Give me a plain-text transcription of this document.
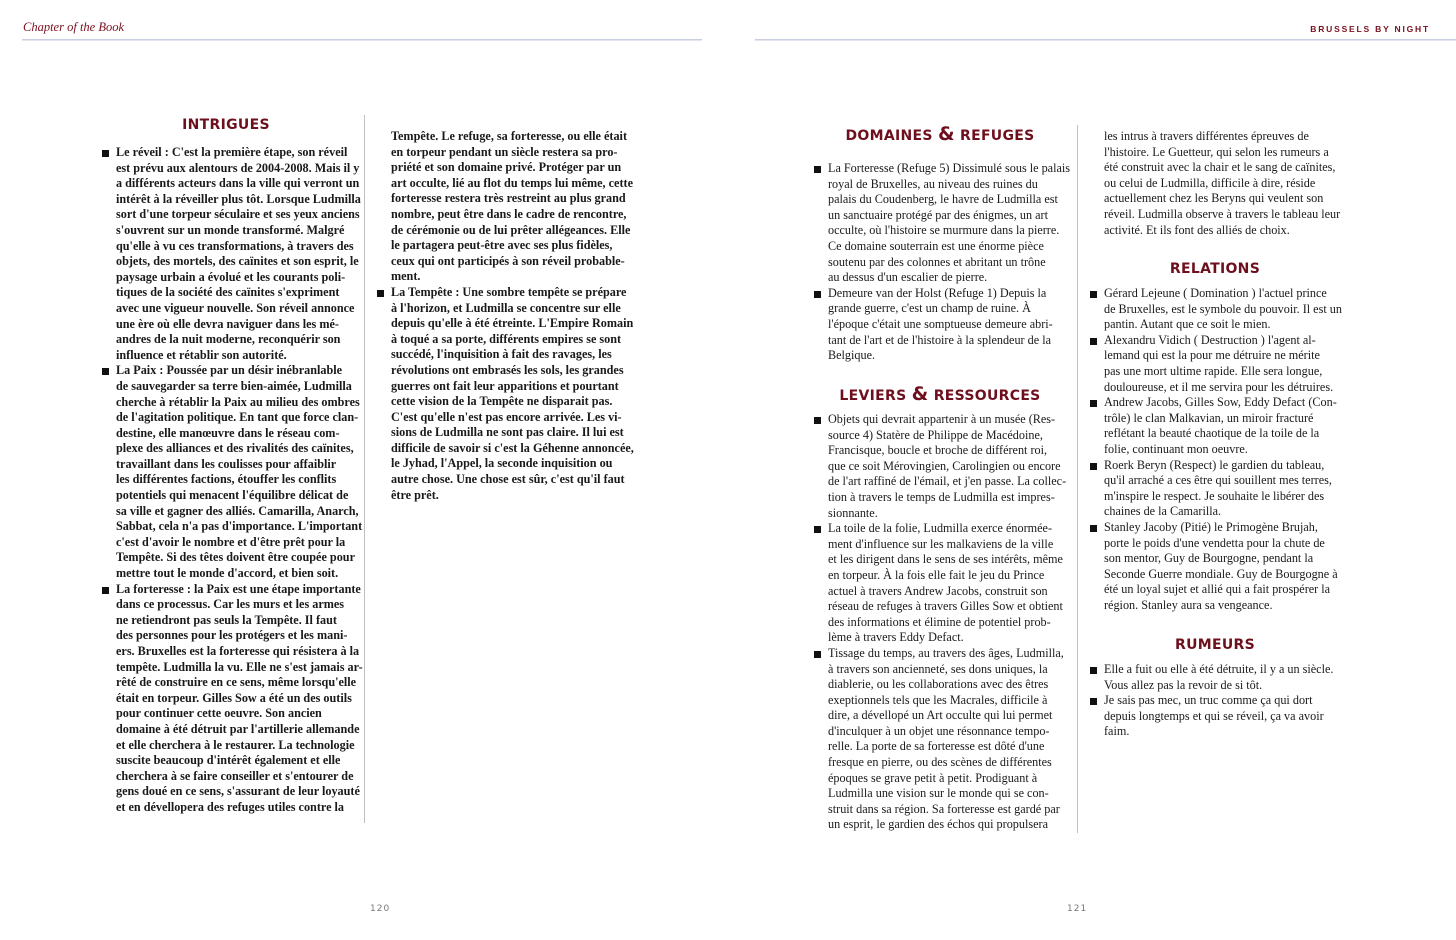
Chapter of the Book	BRUSSELS BY NIGHT
INTRIGUES
Le réveil : C'est la première étape, son réveil
est prévu aux alentours de 2004-2008. Mais il y
a différents acteurs dans la ville qui verront un
intérêt à la réveiller plus tôt. Lorsque Ludmilla
sort d'une torpeur séculaire et ses yeux anciens
s'ouvrent sur un monde transformé. Malgré
qu'elle à vu ces transformations, à travers des
objets, des mortels, des caïnites et son esprit, le
paysage urbain a évolué et les courants poli-
tiques de la société des caïnites s'expriment
avec une vigueur nouvelle. Son réveil annonce
une ère où elle devra naviguer dans les mé-
andres de la nuit moderne, reconquérir son
influence et rétablir son autorité.
La Paix : Poussée par un désir inébranlable
de sauvegarder sa terre bien-aimée, Ludmilla
cherche à rétablir la Paix au milieu des ombres
de l'agitation politique. En tant que force clan-
destine, elle manœuvre dans le réseau com-
plexe des alliances et des rivalités des caïnites,
travaillant dans les coulisses pour affaiblir
les différentes factions, étouffer les conflits
potentiels qui menacent l'équilibre délicat de
sa ville et gagner des alliés. Camarilla, Anarch,
Sabbat, cela n'a pas d'importance. L'important
c'est d'avoir le nombre et d'être prêt pour la
Tempête. Si des têtes doivent être coupée pour
mettre tout le monde d'accord, et bien soit.
La forteresse : la Paix est une étape importante
dans ce processus. Car les murs et les armes
ne retiendront pas seuls la Tempête. Il faut
des personnes pour les protégers et les mani-
ers. Bruxelles est la forteresse qui résistera à la
tempête. Ludmilla la vu. Elle ne s'est jamais ar-
rêté de construire en ce sens, même lorsqu'elle
était en torpeur. Gilles Sow a été un des outils
pour continuer cette oeuvre. Son ancien
domaine à été détruit par l'artillerie allemande
et elle cherchera à le restaurer. La technologie
suscite beaucoup d'intérêt également et elle
cherchera à se faire conseiller et s'entourer de
gens doué en ce sens, s'assurant de leur loyauté
et en dévellopera des refuges utiles contre la
Tempête. Le refuge, sa forteresse, ou elle était
en torpeur pendant un siècle restera sa pro-
priété et son domaine privé. Protéger par un
art occulte, lié au flot du temps lui même, cette
forteresse restera très restreint au plus grand
nombre, peut être dans le cadre de rencontre,
de cérémonie ou de lui prêter allégeances. Elle
le partagera peut-être avec ses plus fidèles,
ceux qui ont participés à son réveil probable-
ment.
La Tempête : Une sombre tempête se prépare
à l'horizon, et Ludmilla se concentre sur elle
depuis qu'elle à été étreinte. L'Empire Romain
à toqué a sa porte, différents empires se sont
succédé, l'inquisition à fait des ravages, les
révolutions ont embrasés les sols, les grandes
guerres ont fait leur apparitions et pourtant
cette vision de la Tempête ne disparait pas.
C'est qu'elle n'est pas encore arrivée. Les vi-
sions de Ludmilla ne sont pas claire. Il lui est
difficile de savoir si c'est la Géhenne annoncée,
le Jyhad, l'Appel, la seconde inquisition ou
autre chose. Une chose est sûr, c'est qu'il faut
être prêt.
120
DOMAINES & REFUGES
La Forteresse (Refuge 5) Dissimulé sous le palais
royal de Bruxelles, au niveau des ruines du
palais du Coudenberg, le havre de Ludmilla est
un sanctuaire protégé par des énigmes, un art
occulte, où l'histoire se murmure dans la pierre.
Ce domaine souterrain est une énorme pièce
soutenu par des colonnes et abritant un trône
au dessus d'un escalier de pierre.
Demeure van der Holst (Refuge 1) Depuis la
grande guerre, c'est un champ de ruine. À
l'époque c'était une somptueuse demeure abri-
tant de l'art et de l'histoire à la splendeur de la
Belgique.
LEVIERS & RESSOURCES
Objets qui devrait appartenir à un musée (Res-
source 4) Statère de Philippe de Macédoine,
Francisque, boucle et broche de différent roi,
que ce soit Mérovingien, Carolingien ou encore
de l'art raffiné de l'émail, et j'en passe. La collec-
tion à travers le temps de Ludmilla est impres-
sionnante.
La toile de la folie, Ludmilla exerce énormée-
ment d'influence sur les malkaviens de la ville
et les dirigent dans le sens de ses intérêts, même
en torpeur. À la fois elle fait le jeu du Prince
actuel à travers Andrew Jacobs, construit son
réseau de refuges à travers Gilles Sow et obtient
des informations et élimine de potentiel prob-
lème à travers Eddy Defact.
Tissage du temps, au travers des âges, Ludmilla,
à travers son ancienneté, ses dons uniques, la
diablerie, ou les collaborations avec des êtres
exeptionnels tels que les Macrales, difficile à
dire, a dévellopé un Art occulte qui lui permet
d'inculquer à un objet une résonnance tempo-
relle. La porte de sa forteresse est dôté d'une
fresque en pierre, ou des scènes de différentes
époques se grave petit à petit. Prodiguant à
Ludmilla une vision sur le monde qui se con-
struit dans sa région. Sa forteresse est gardé par
un esprit, le gardien des échos qui propulsera
les intrus à travers différentes épreuves de
l'histoire. Le Guetteur, qui selon les rumeurs a
été construit avec la chair et le sang de caïnites,
ou celui de Ludmilla, difficile à dire, réside
actuellement chez les Beryns qui veulent son
réveil. Ludmilla observe à travers le tableau leur
activité. Et ils font des alliés de choix.
RELATIONS
Gérard Lejeune ( Domination ) l'actuel prince
de Bruxelles, est le symbole du pouvoir. Il est un
pantin. Autant que ce soit le mien.
Alexandru Vidich ( Destruction ) l'agent al-
lemand qui est la pour me détruire ne mérite
pas une mort ultime rapide. Elle sera longue,
douloureuse, et il me servira pour les détruires.
Andrew Jacobs, Gilles Sow, Eddy Defact (Con-
trôle) le clan Malkavian, un miroir fracturé
reflétant la beauté chaotique de la toile de la
folie, continuant mon oeuvre.
Roerk Beryn (Respect) le gardien du tableau,
qu'il arraché a ces être qui souillent mes terres,
m'inspire le respect. Je souhaite le libérer des
chaines de la Camarilla.
Stanley Jacoby (Pitié) le Primogène Brujah,
porte le poids d'une vendetta pour la chute de
son mentor, Guy de Bourgogne, pendant la
Seconde Guerre mondiale. Guy de Bourgogne à
été un loyal sujet et allié qui a fait prospérer la
région. Stanley aura sa vengeance.
RUMEURS
Elle a fuit ou elle à été détruite, il y a un siècle.
Vous allez pas la revoir de si tôt.
Je sais pas mec, un truc comme ça qui dort
depuis longtemps et qui se réveil, ça va avoir
faim.
121
